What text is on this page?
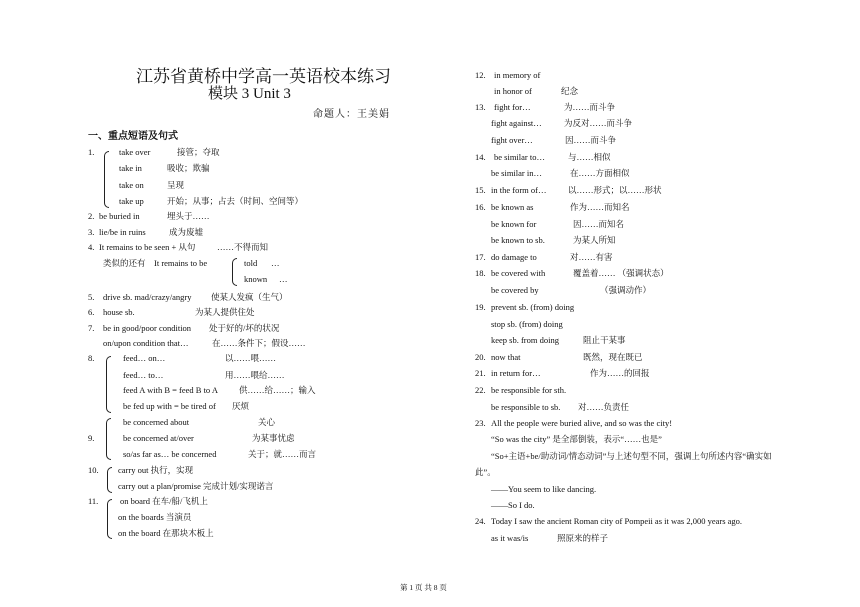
江苏省黄桥中学高一英语校本练习
模块 3 Unit 3
命题人：王美娟
一、重点短语及句式
1.	take over	接管；夺取
take in	吸收；欺骗
take on	呈现
take up	开始；从事；占去（时间、空间等）
2. be buried in	埋头于……
3. lie/be in ruins	成为废墟
4. It remains to be seen + 从句	……不得而知
类似的还有 It remains to be	told …
known …
5. drive sb. mad/crazy/angry 使某人发疯（生气）
6. house sb.	为某人提供住处
7. be in good/poor condition 处于好的/坏的状况
on/upon condition that…	在……条件下；假设……
8.	feed… on…	以……喂……
feed… to…	用……喂给……
feed A with B = feed B to A 供……给……；输入
be fed up with = be tired of 厌烦
be concerned about	关心
9.	be concerned at/over	为某事忧虑
so/as far as… be concerned	关于；就……而言
10. carry out 执行，实现
carry out a plan/promise 完成计划/实现诺言
11.	on board 在车/船/飞机上
on the boards 当演员
on the board 在那块木板上
12. in memory of
in honor of	纪念
13. fight for…	为……而斗争
fight against…	为反对……而斗争
fight over…	因……而斗争
14. be similar to…	与……相似
be similar in…	在……方面相似
15. in the form of…	以……形式；以……形状
16. be known as	作为……而知名
be known for	因……而知名
be known to sb.	为某人所知
17. do damage to	对……有害
18. be covered with	覆盖着…… （强调状态）
be covered by	（强调动作）
19. prevent sb. (from) doing
stop sb. (from) doing
keep sb. from doing	阻止干某事
20. now that	既然，现在既已
21. in return for…	作为……的回报
22. be responsible for sth.
be responsible to sb. 对……负责任
23. All the people were buried alive, and so was the city!
“So was the city” 是全部倒装，表示“……也是”
“So+主语+be/助动词/情态动词”与上述句型不同，强调上句所述内容“确实如
此”。
——You seem to like dancing.
——So I do.
24. Today I saw the ancient Roman city of Pompeii as it was 2,000 years ago.
as it was/is	照原来的样子
第 1 页 共 8 页
